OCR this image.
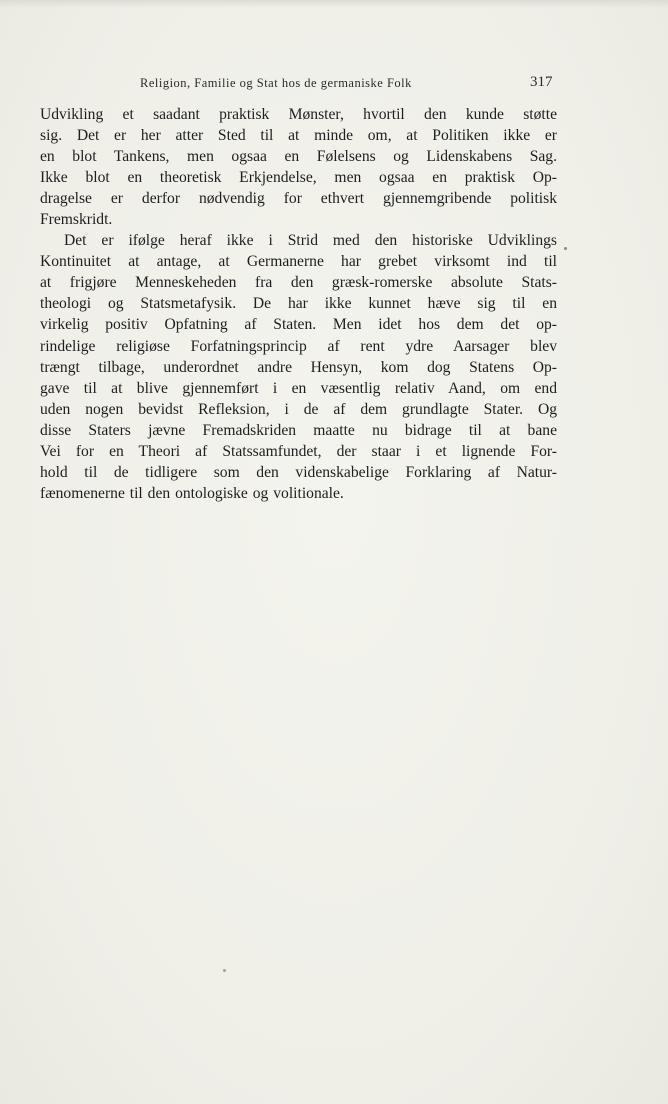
Religion, Familie og Stat hos de germaniske Folk	317
Udvikling et saadant praktisk Mønster, hvortil den kunde støtte
sig. Det er her atter Sted til at minde om, at Politiken ikke er
en blot Tankens, men ogsaa en Følelsens og Lidenskabens Sag.
Ikke blot en theoretisk Erkjendelse, men ogsaa en praktisk Op-
dragelse er derfor nødvendig for ethvert gjennemgribende politisk
Fremskridt.
Det er ifølge heraf ikke i Strid med den historiske Udviklings
Kontinuitet at antage, at Germanerne har grebet virksomt ind til
at frigjøre Menneskeheden fra den græsk-romerske absolute Stats-
theologi og Statsmetafysik. De har ikke kunnet hæve sig til en
virkelig positiv Opfatning af Staten. Men idet hos dem det op-
rindelige religiøse Forfatningsprincip af rent ydre Aarsager blev
trængt tilbage, underordnet andre Hensyn, kom dog Statens Op-
gave til at blive gjennemført i en væsentlig relativ Aand, om end
uden nogen bevidst Refleksion, i de af dem grundlagte Stater. Og
disse Staters jævne Fremadskriden maatte nu bidrage til at bane
Vei for en Theori af Statssamfundet, der staar i et lignende For-
hold til de tidligere som den videnskabelige Forklaring af Natur-
fænomenerne til den ontologiske og volitionale.
